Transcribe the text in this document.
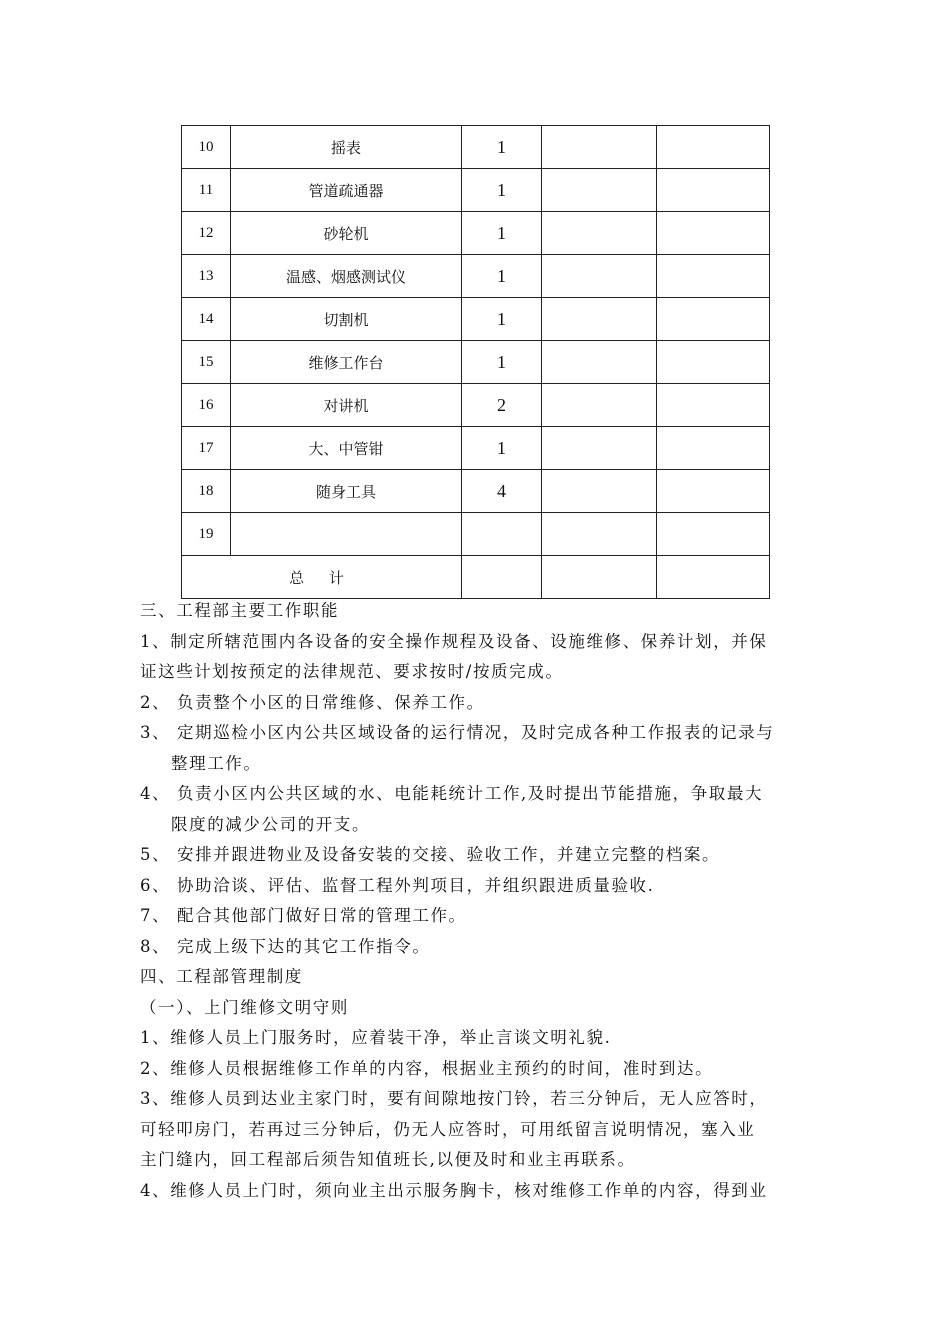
10	摇表	1		
11	管道疏通器	1		
12	砂轮机	1		
13	温感、烟感测试仪	1		
14	切割机	1		
15	维修工作台	1		
16	对讲机	2		
17	大、中管钳	1		
18	随身工具	4		
19				
总 计				

三、工程部主要工作职能

1、制定所辖范围内各设备的安全操作规程及设备、设施维修、保养计划，并保

证这些计划按预定的法律规范、要求按时/按质完成。

2、 负责整个小区的日常维修、保养工作。

3、 定期巡检小区内公共区域设备的运行情况，及时完成各种工作报表的记录与

整理工作。

4、 负责小区内公共区域的水、电能耗统计工作,及时提出节能措施，争取最大

限度的减少公司的开支。

5、 安排并跟进物业及设备安装的交接、验收工作，并建立完整的档案。

6、 协助洽谈、评估、监督工程外判项目，并组织跟进质量验收.

7、 配合其他部门做好日常的管理工作。

8、 完成上级下达的其它工作指令。

四、工程部管理制度

（一）、上门维修文明守则

1、维修人员上门服务时，应着装干净，举止言谈文明礼貌.

2、维修人员根据维修工作单的内容，根据业主预约的时间，准时到达。

3、维修人员到达业主家门时，要有间隙地按门铃，若三分钟后，无人应答时，

可轻叩房门，若再过三分钟后，仍无人应答时，可用纸留言说明情况，塞入业

主门缝内，回工程部后须告知值班长,以便及时和业主再联系。

4、维修人员上门时，须向业主出示服务胸卡，核对维修工作单的内容，得到业
